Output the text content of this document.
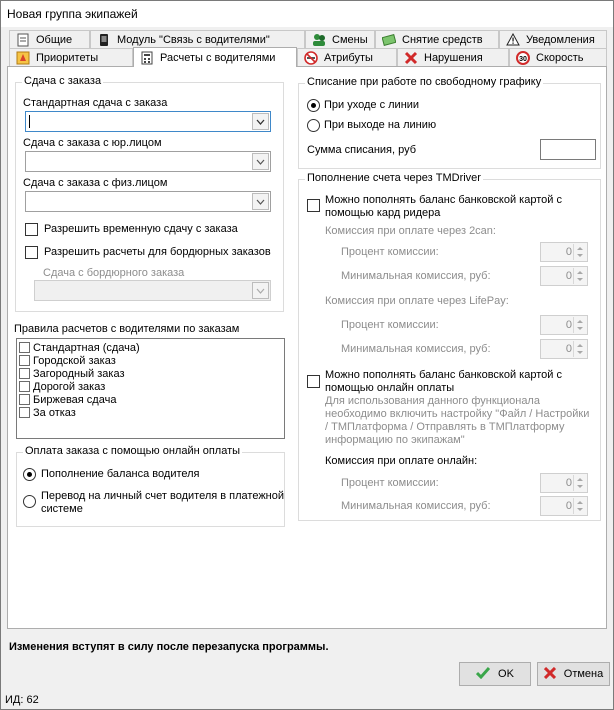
Новая группа экипажей
Общие	Модуль "Связь с водителями"	Смены	Снятие средств	Уведомления
Приоритеты	Расчеты с водителями	Атрибуты	Нарушения	30 Скорость
Сдача с заказа
Стандартная сдача с заказа
Сдача с заказа с юр.лицом
Сдача с заказа с физ.лицом
Разрешить временную сдачу с заказа
Разрешить расчеты для бордюрных заказов
Сдача с бордюрного заказа
Правила расчетов с водителями по заказам
Стандартная (сдача)
Городской заказ
Загородный заказ
Дорогой заказ
Биржевая сдача
За отказ
Оплата заказа с помощью онлайн оплаты
Пополнение баланса водителя
Перевод на личный счет водителя в платежной
системе
Списание при работе по свободному графику
При уходе с линии
При выходе на линию
Сумма списания, руб
Пополнение счета через TMDriver
Можно пополнять баланс банковской картой с
помощью кард ридера
Комиссия при оплате через 2can:
Процент комиссии:	0
Минимальная комиссия, руб:	0
Комиссия при оплате через LifePay:
Процент комиссии:	0
Минимальная комиссия, руб:	0
Можно пополнять баланс банковской картой с
помощью онлайн оплаты
Для использования данного функционала
необходимо включить настройку "Файл / Настройки
/ ТМПлатформа / Отправлять в ТМПлатформу
информацию по экипажам"
Комиссия при оплате онлайн:
Процент комиссии:	0
Минимальная комиссия, руб:	0
Изменения вступят в силу после перезапуска программы.
OK	Отмена
ИД: 62
